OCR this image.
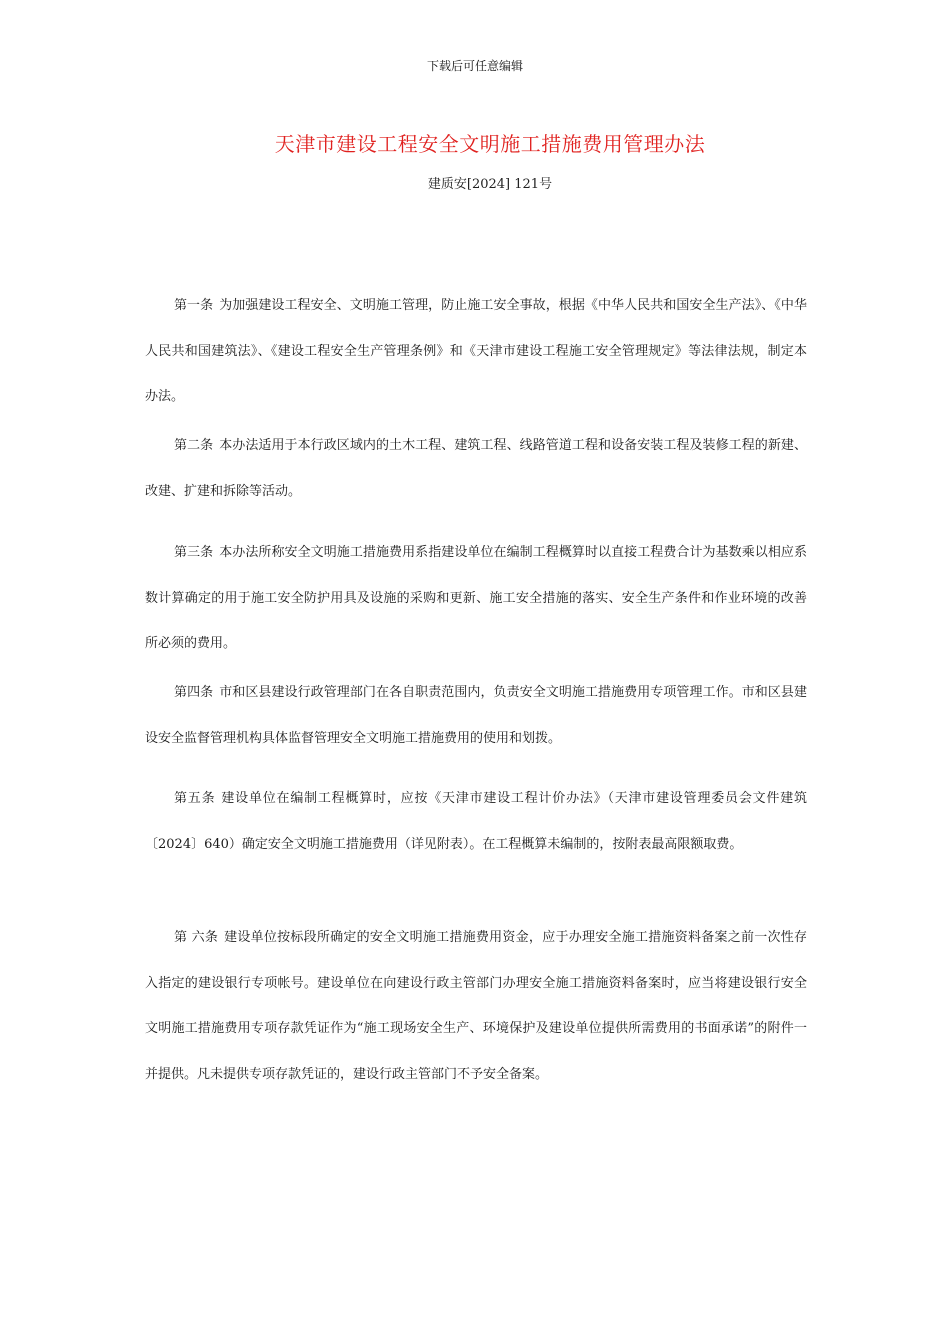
下载后可任意编辑
天津市建设工程安全文明施工措施费用管理办法
建质安[2024] 121号

第一条 为加强建设工程安全、文明施工管理，防止施工安全事故，根据《中华人民共和国安全生产法》、《中华人民共和国建筑法》、《建设工程安全生产管理条例》和《天津市建设工程施工安全管理规定》等法律法规，制定本办法。

第二条 本办法适用于本行政区域内的土木工程、建筑工程、线路管道工程和设备安装工程及装修工程的新建、改建、扩建和拆除等活动。

第三条 本办法所称安全文明施工措施费用系指建设单位在编制工程概算时以直接工程费合计为基数乘以相应系数计算确定的用于施工安全防护用具及设施的采购和更新、施工安全措施的落实、安全生产条件和作业环境的改善所必须的费用。

第四条 市和区县建设行政管理部门在各自职责范围内，负责安全文明施工措施费用专项管理工作。市和区县建设安全监督管理机构具体监督管理安全文明施工措施费用的使用和划拨。

第五条 建设单位在编制工程概算时，应按《天津市建设工程计价办法》（天津市建设管理委员会文件建筑〔2024〕640）确定安全文明施工措施费用（详见附表）。在工程概算未编制的，按附表最高限额取费。

第 六条 建设单位按标段所确定的安全文明施工措施费用资金，应于办理安全施工措施资料备案之前一次性存入指定的建设银行专项帐号。建设单位在向建设行政主管部门办理安全施工措施资料备案时，应当将建设银行安全文明施工措施费用专项存款凭证作为“施工现场安全生产、环境保护及建设单位提供所需费用的书面承诺”的附件一并提供。凡未提供专项存款凭证的，建设行政主管部门不予安全备案。
